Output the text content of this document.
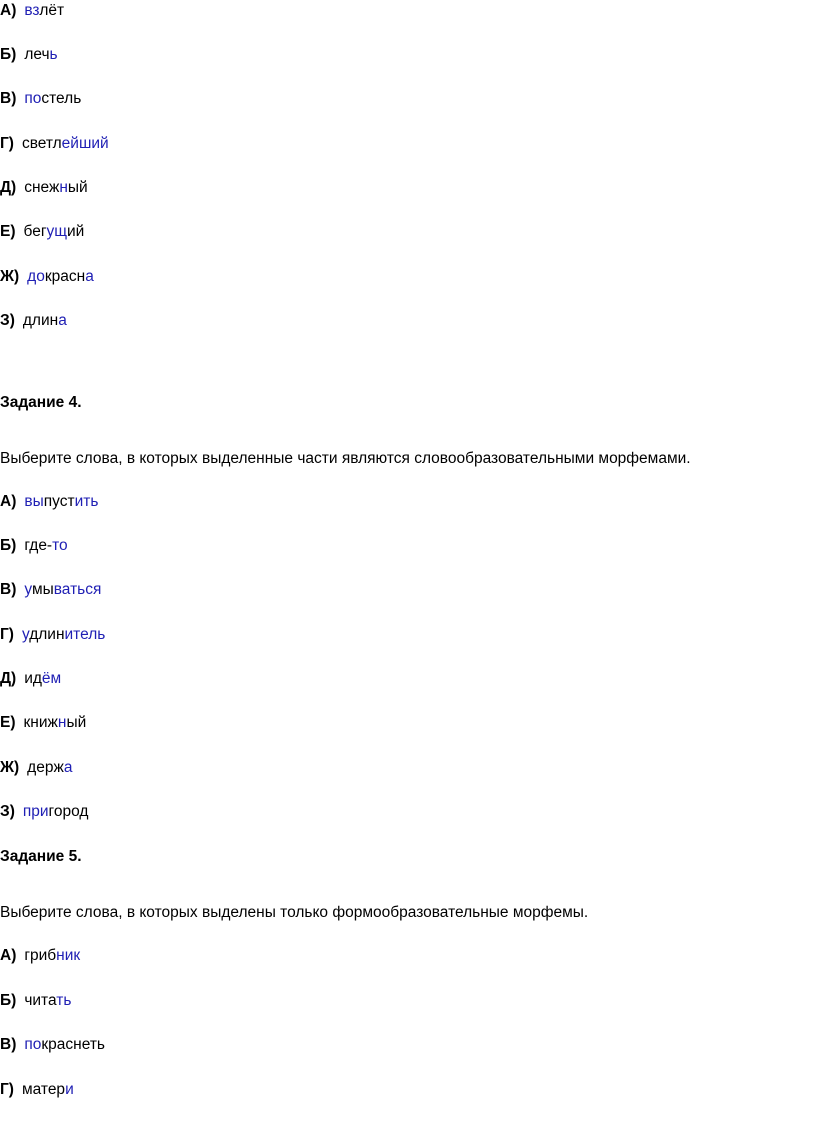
А) взлёт
Б) лечь
В) постель
Г) светлейший
Д) снежный
Е) бегущий
Ж) докрасна
З) длина
Задание 4.
Выберите слова, в которых выделенные части являются словообразовательными морфемами.
А) выпустить
Б) где-то
В) умываться
Г) удлинитель
Д) идём
Е) книжный
Ж) держа
З) пригород
Задание 5.
Выберите слова, в которых выделены только формообразовательные морфемы.
А) грибник
Б) читать
В) покраснеть
Г) матери
